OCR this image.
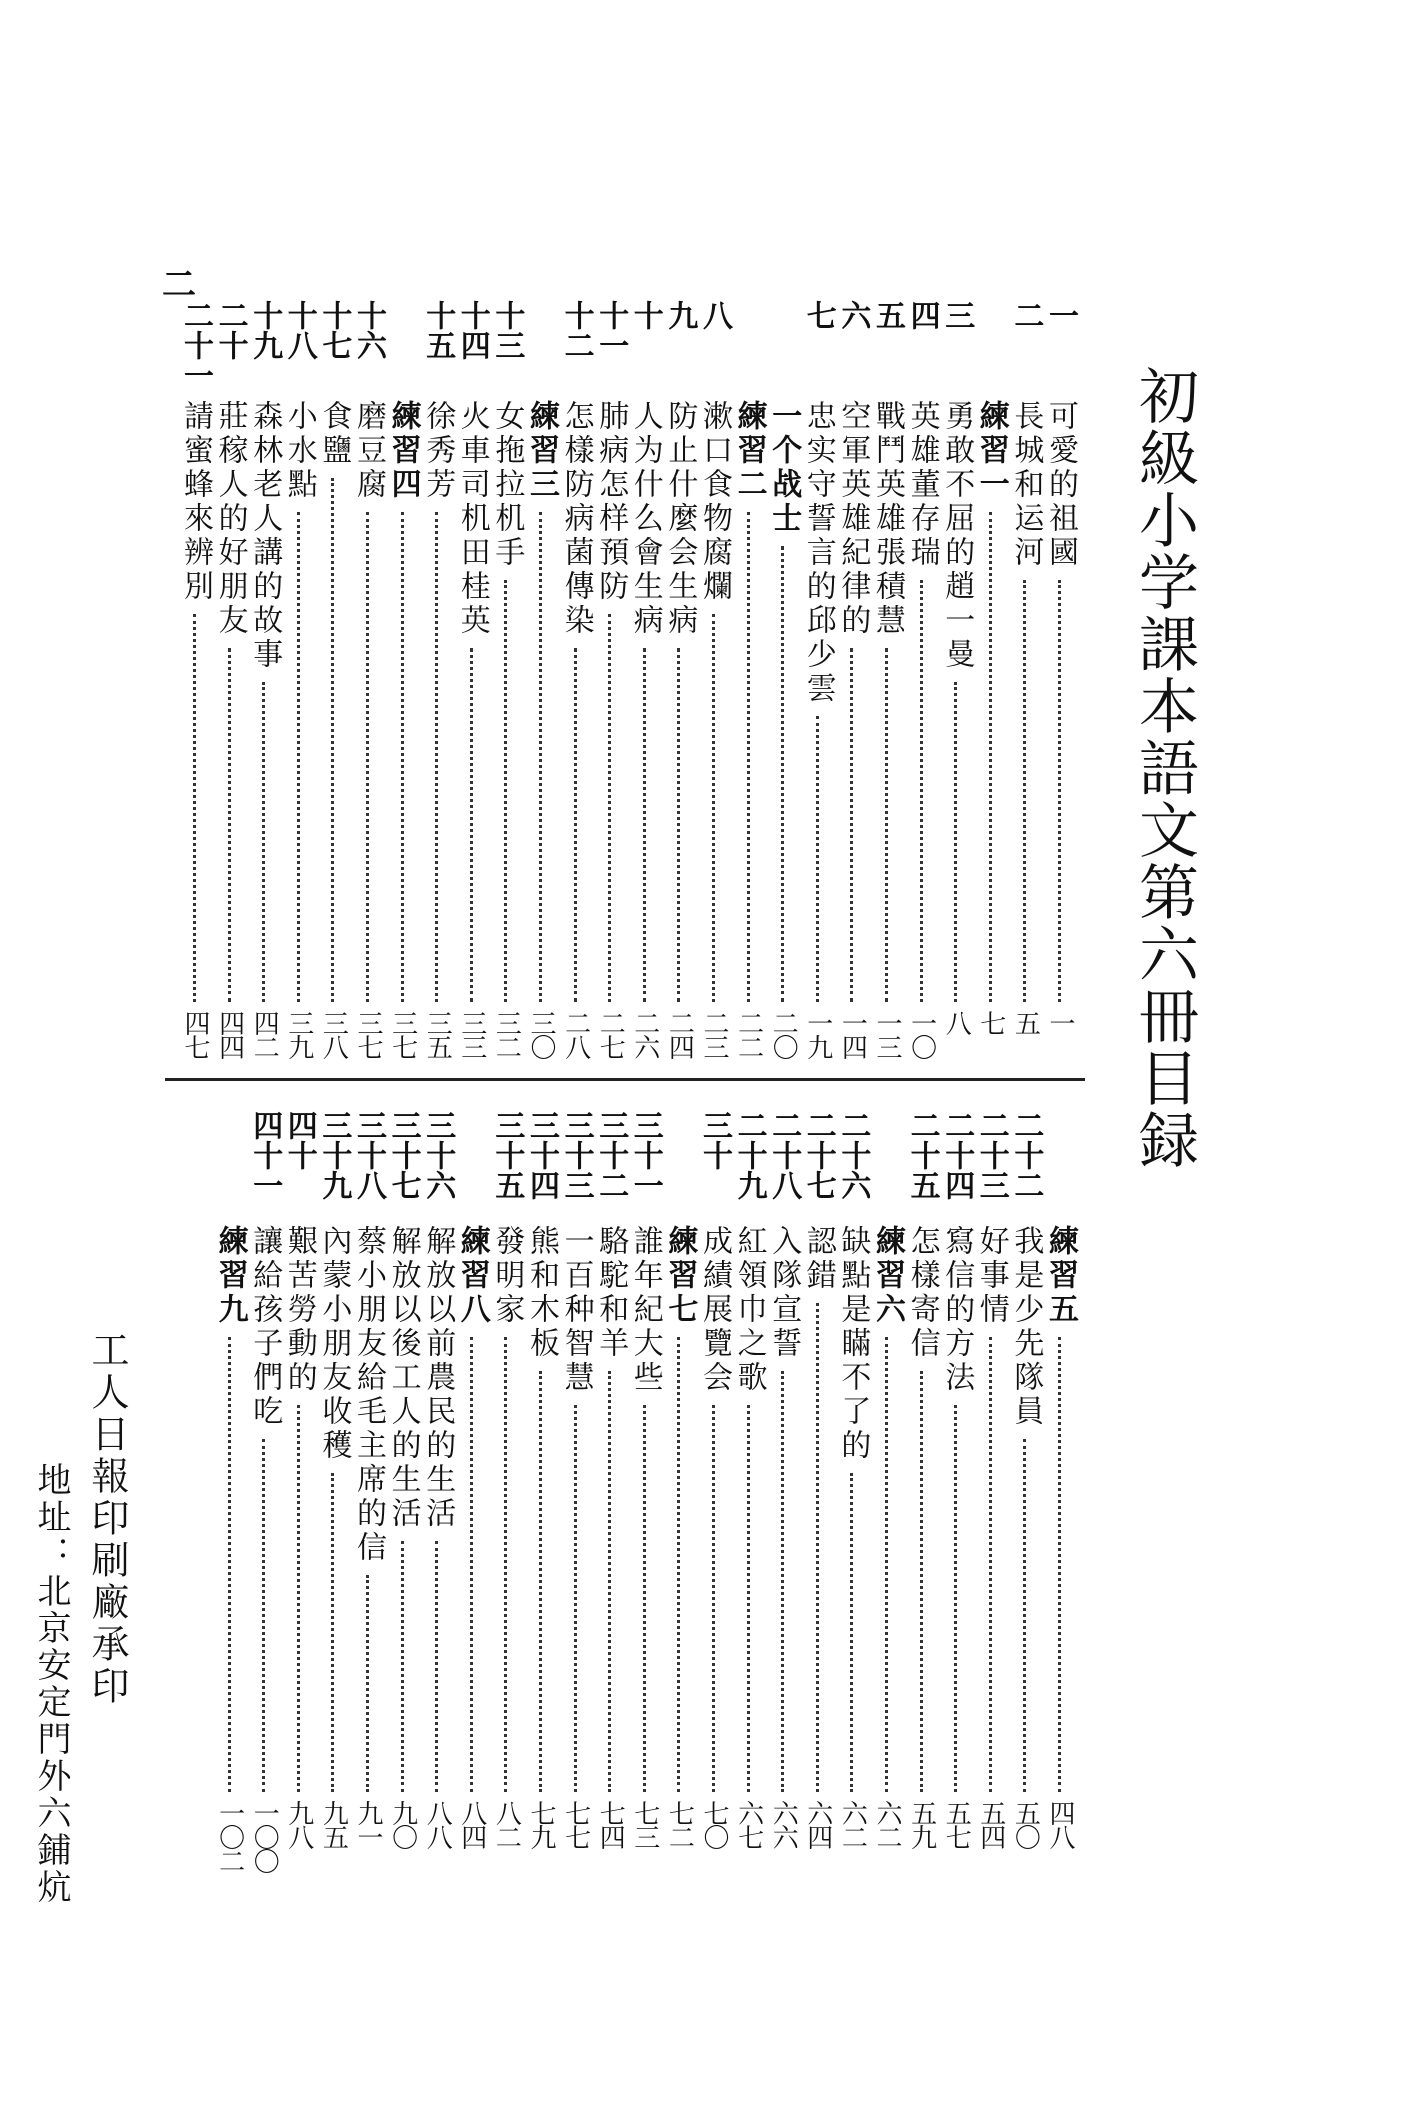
初級小学課本語文第六冊目録
二
一
可愛的祖國
一
二
長城和运河
五
練習一
七
三
勇敢不屈的趙一曼
八
四
英雄董存瑞
一〇
五
戰鬥英雄張積慧
一三
六
空軍英雄紀律的
一四
七
忠实守誓言的邱少雲
一九
一个战士
二〇
練習二
二二
八
漱口食物腐爛
二三
九
防止什麼会生病
二四
十
人为什么會生病
二六
十一
肺病怎样預防
二七
十二
怎樣防病菌傳染
二八
練習三
三〇
十三
女拖拉机手
三二
十四
火車司机田桂英
三三
十五
徐秀芳
三五
練習四
三七
十六
磨豆腐
三七
十七
食鹽
三八
十八
小水點
三九
十九
森林老人講的故事
四二
二十
莊稼人的好朋友
四四
二十一
請蜜蜂來辨別
四七
練習五
四八
二十二
我是少先隊員
五〇
二十三
好事情
五四
二十四
寫信的方法
五七
二十五
怎樣寄信
五九
練習六
六二
二十六
缺點是瞞不了的
六二
二十七
認錯
六四
二十八
入隊宣誓
六六
二十九
紅領巾之歌
六七
三十
成績展覽会
七〇
練習七
七二
三十一
誰年紀大些
七三
三十二
駱駝和羊
七四
三十三
一百种智慧
七七
三十四
熊和木板
七九
三十五
發明家
八二
練習八
八四
三十六
解放以前農民的生活
八八
三十七
解放以後工人的生活
九〇
三十八
蔡小朋友給毛主席的信
九一
三十九
內蒙小朋友收穫
九五
四十
艱苦勞動的
九八
四十一
讓給孩子們吃
一〇〇
練習九
一〇二
工人日報印刷廠承印
地址：北京安定門外六鋪炕
